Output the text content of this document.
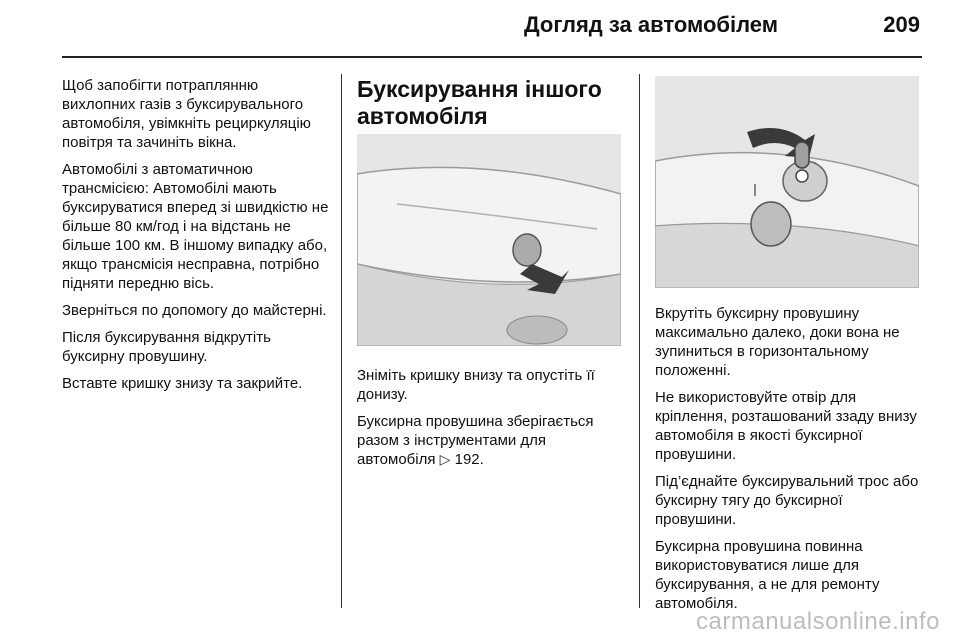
Догляд за автомобілем	209

Щоб запобігти потраплянню вихлопних газів з буксирувального автомобіля, увімкніть рециркуляцію повітря та зачиніть вікна.

Автомобілі з автоматичною трансмісією: Автомобілі мають буксируватися вперед зі швидкістю не більше 80 км/год і на відстань не більше 100 км. В іншому випадку або, якщо трансмісія несправна, потрібно підняти передню вісь.

Зверніться по допомогу до майстерні.

Після буксирування відкрутіть буксирну провушину.

Вставте кришку знизу та закрийте.

Буксирування іншого автомобіля

Зніміть кришку внизу та опустіть її донизу.

Буксирна провушина зберігається разом з інструментами для автомобіля ▷ 192.

Вкрутіть буксирну провушину максимально далеко, доки вона не зупиниться в горизонтальному положенні.

Не використовуйте отвір для кріплення, розташований ззаду внизу автомобіля в якості буксирної провушини.

Під’єднайте буксирувальний трос або буксирну тягу до буксирної провушини.

Буксирна провушина повинна використовуватися лише для буксирування, а не для ремонту автомобіля.

carmanualsonline.info
